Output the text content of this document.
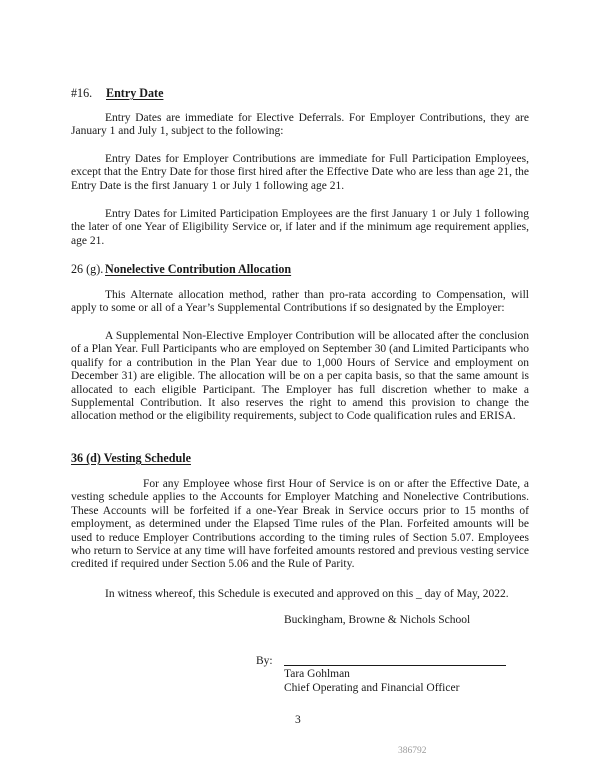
#16. Entry Date

Entry Dates are immediate for Elective Deferrals. For Employer Contributions, they are January 1 and July 1, subject to the following:

Entry Dates for Employer Contributions are immediate for Full Participation Employees, except that the Entry Date for those first hired after the Effective Date who are less than age 21, the Entry Date is the first January 1 or July 1 following age 21.

Entry Dates for Limited Participation Employees are the first January 1 or July 1 following the later of one Year of Eligibility Service or, if later and if the minimum age requirement applies, age 21.

26 (g). Nonelective Contribution Allocation

This Alternate allocation method, rather than pro-rata according to Compensation, will apply to some or all of a Year’s Supplemental Contributions if so designated by the Employer:

A Supplemental Non-Elective Employer Contribution will be allocated after the conclusion of a Plan Year. Full Participants who are employed on September 30 (and Limited Participants who qualify for a contribution in the Plan Year due to 1,000 Hours of Service and employment on December 31) are eligible. The allocation will be on a per capita basis, so that the same amount is allocated to each eligible Participant. The Employer has full discretion whether to make a Supplemental Contribution. It also reserves the right to amend this provision to change the allocation method or the eligibility requirements, subject to Code qualification rules and ERISA.

36 (d) Vesting Schedule

For any Employee whose first Hour of Service is on or after the Effective Date, a vesting schedule applies to the Accounts for Employer Matching and Nonelective Contributions. These Accounts will be forfeited if a one-Year Break in Service occurs prior to 15 months of employment, as determined under the Elapsed Time rules of the Plan. Forfeited amounts will be used to reduce Employer Contributions according to the timing rules of Section 5.07. Employees who return to Service at any time will have forfeited amounts restored and previous vesting service credited if required under Section 5.06 and the Rule of Parity.

In witness whereof, this Schedule is executed and approved on this _ day of May, 2022.

Buckingham, Browne & Nichols School
By:
Tara Gohlman
Chief Operating and Financial Officer
3
386792
